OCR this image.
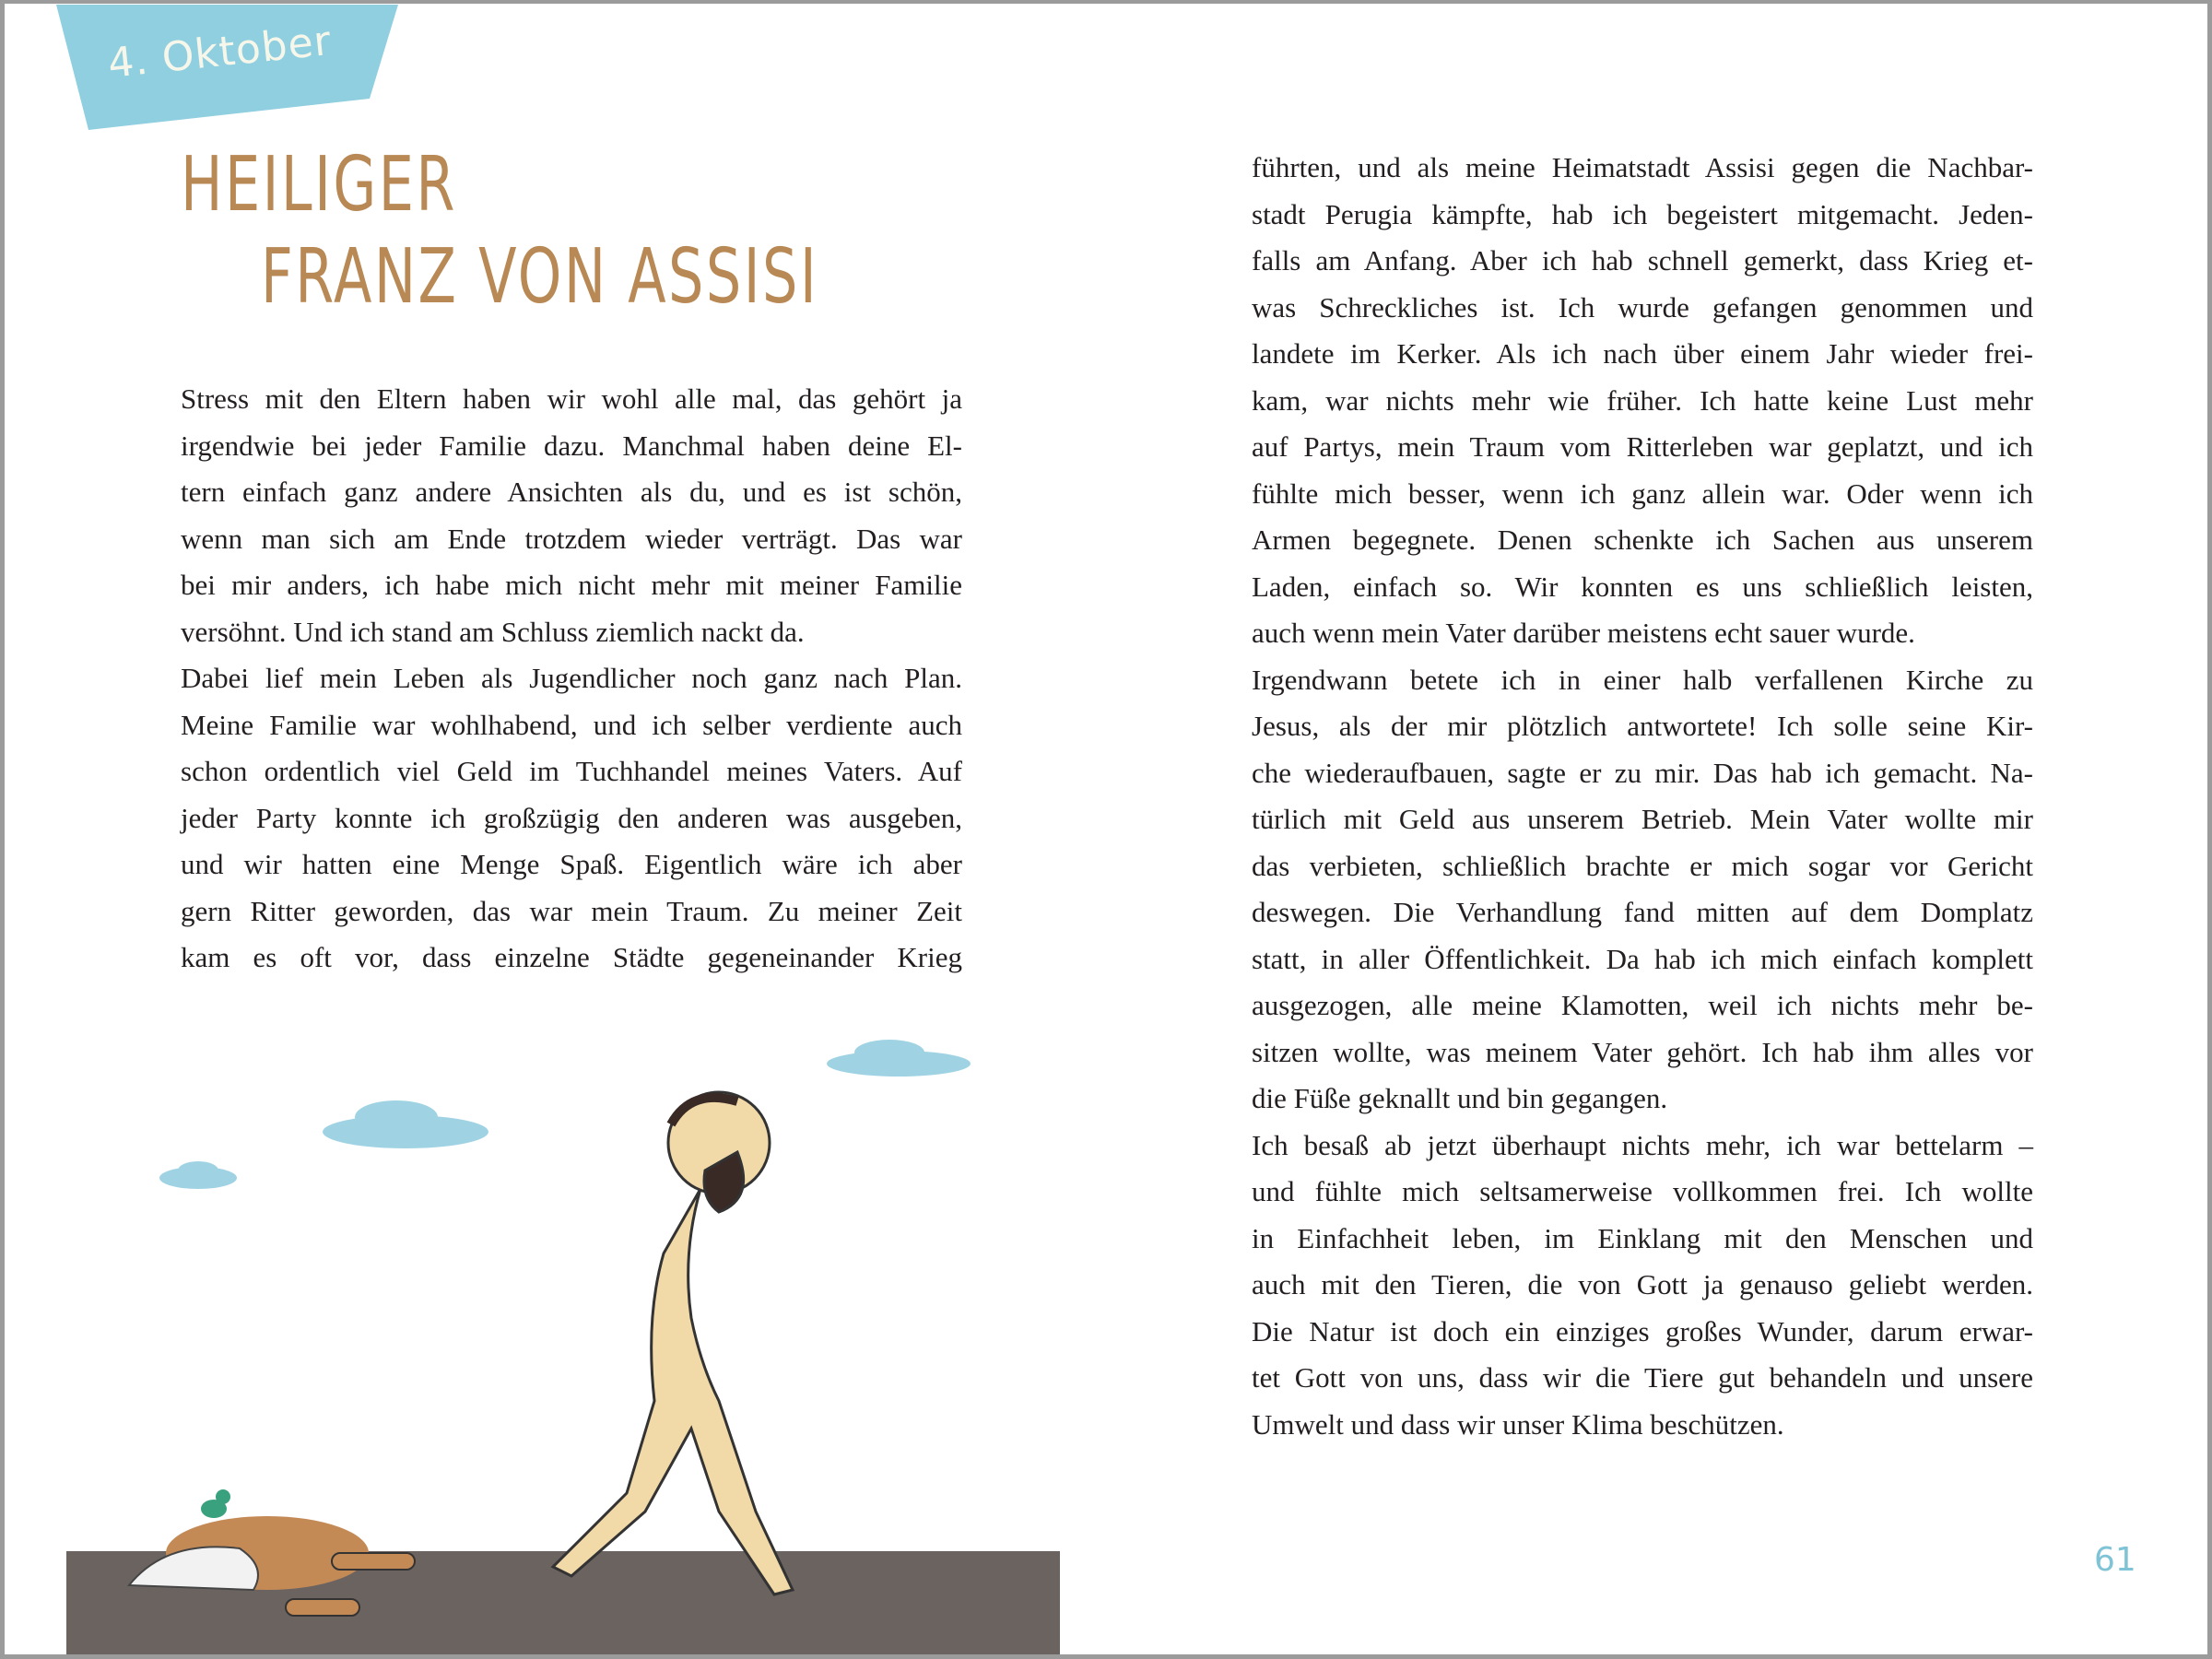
4. Oktober
HEILIGER
FRANZ VON ASSISI
Stress mit den Eltern haben wir wohl alle mal, das gehört ja
irgendwie bei jeder Familie dazu. Manchmal haben deine El-
tern einfach ganz andere Ansichten als du, und es ist schön,
wenn man sich am Ende trotzdem wieder verträgt. Das war
bei mir anders, ich habe mich nicht mehr mit meiner Familie
versöhnt. Und ich stand am Schluss ziemlich nackt da.
Dabei lief mein Leben als Jugendlicher noch ganz nach Plan.
Meine Familie war wohlhabend, und ich selber verdiente auch
schon ordentlich viel Geld im Tuchhandel meines Vaters. Auf
jeder Party konnte ich großzügig den anderen was ausgeben,
und wir hatten eine Menge Spaß. Eigentlich wäre ich aber
gern Ritter geworden, das war mein Traum. Zu meiner Zeit
kam es oft vor, dass einzelne Städte gegeneinander Krieg
führten, und als meine Heimatstadt Assisi gegen die Nachbar-
stadt Perugia kämpfte, hab ich begeistert mitgemacht. Jeden-
falls am Anfang. Aber ich hab schnell gemerkt, dass Krieg et-
was Schreckliches ist. Ich wurde gefangen genommen und
landete im Kerker. Als ich nach über einem Jahr wieder frei-
kam, war nichts mehr wie früher. Ich hatte keine Lust mehr
auf Partys, mein Traum vom Ritterleben war geplatzt, und ich
fühlte mich besser, wenn ich ganz allein war. Oder wenn ich
Armen begegnete. Denen schenkte ich Sachen aus unserem
Laden, einfach so. Wir konnten es uns schließlich leisten,
auch wenn mein Vater darüber meistens echt sauer wurde.
Irgendwann betete ich in einer halb verfallenen Kirche zu
Jesus, als der mir plötzlich antwortete! Ich solle seine Kir-
che wiederaufbauen, sagte er zu mir. Das hab ich gemacht. Na-
türlich mit Geld aus unserem Betrieb. Mein Vater wollte mir
das verbieten, schließlich brachte er mich sogar vor Gericht
deswegen. Die Verhandlung fand mitten auf dem Domplatz
statt, in aller Öffentlichkeit. Da hab ich mich einfach komplett
ausgezogen, alle meine Klamotten, weil ich nichts mehr be-
sitzen wollte, was meinem Vater gehört. Ich hab ihm alles vor
die Füße geknallt und bin gegangen.
Ich besaß ab jetzt überhaupt nichts mehr, ich war bettelarm –
und fühlte mich seltsamerweise vollkommen frei. Ich wollte
in Einfachheit leben, im Einklang mit den Menschen und
auch mit den Tieren, die von Gott ja genauso geliebt werden.
Die Natur ist doch ein einziges großes Wunder, darum erwar-
tet Gott von uns, dass wir die Tiere gut behandeln und unsere
Umwelt und dass wir unser Klima beschützen.
61
